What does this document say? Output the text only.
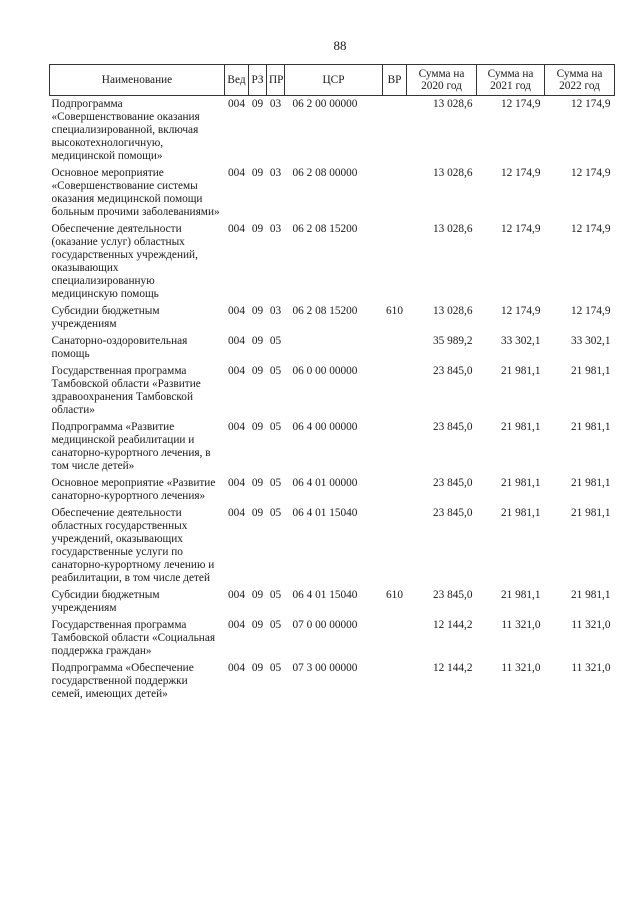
88
Наименование	Вед	РЗ	ПР	ЦСР	ВР	Сумма на 2020 год	Сумма на 2021 год	Сумма на 2022 год
Подпрограмма «Совершенствование оказания специализированной, включая высокотехнологичную, медицинской помощи»	004	09	03	06 2 00 00000		13 028,6	12 174,9	12 174,9
Основное мероприятие «Совершенствование системы оказания медицинской помощи больным прочими заболеваниями»	004	09	03	06 2 08 00000		13 028,6	12 174,9	12 174,9
Обеспечение деятельности (оказание услуг) областных государственных учреждений, оказывающих специализированную медицинскую помощь	004	09	03	06 2 08 15200		13 028,6	12 174,9	12 174,9
Субсидии бюджетным учреждениям	004	09	03	06 2 08 15200	610	13 028,6	12 174,9	12 174,9
Санаторно-оздоровительная помощь	004	09	05			35 989,2	33 302,1	33 302,1
Государственная программа Тамбовской области «Развитие здравоохранения Тамбовской области»	004	09	05	06 0 00 00000		23 845,0	21 981,1	21 981,1
Подпрограмма «Развитие медицинской реабилитации и санаторно-курортного лечения, в том числе детей»	004	09	05	06 4 00 00000		23 845,0	21 981,1	21 981,1
Основное мероприятие «Развитие санаторно-курортного лечения»	004	09	05	06 4 01 00000		23 845,0	21 981,1	21 981,1
Обеспечение деятельности областных государственных учреждений, оказывающих государственные услуги по санаторно-курортному лечению и реабилитации, в том числе детей	004	09	05	06 4 01 15040		23 845,0	21 981,1	21 981,1
Субсидии бюджетным учреждениям	004	09	05	06 4 01 15040	610	23 845,0	21 981,1	21 981,1
Государственная программа Тамбовской области «Социальная поддержка граждан»	004	09	05	07 0 00 00000		12 144,2	11 321,0	11 321,0
Подпрограмма «Обеспечение государственной поддержки семей, имеющих детей»	004	09	05	07 3 00 00000		12 144,2	11 321,0	11 321,0
